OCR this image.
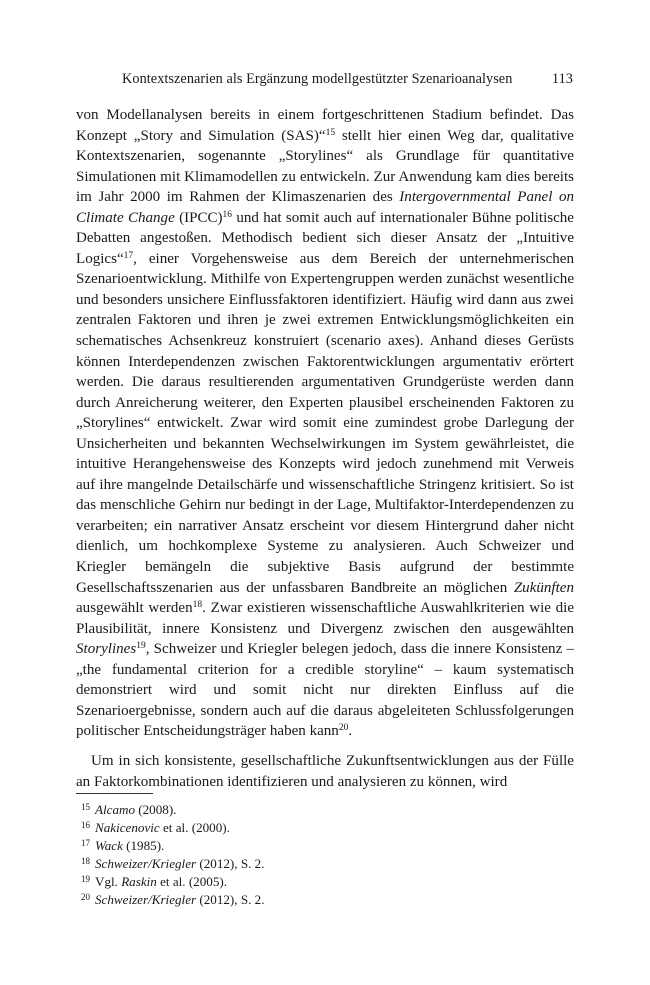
Kontextszenarien als Ergänzung modellgestützter Szenarioanalysen	113

von Modellanalysen bereits in einem fortgeschrittenen Stadium befindet. Das Konzept „Story and Simulation (SAS)“$^{15}$ stellt hier einen Weg dar, qualitative Kontextszenarien, sogenannte „Storylines“ als Grundlage für quantitative Simulationen mit Klimamodellen zu entwickeln. Zur Anwendung kam dies bereits im Jahr 2000 im Rahmen der Klimaszenarien des Intergovernmental Panel on Climate Change (IPCC)$^{16}$ und hat somit auch auf internationaler Bühne politische Debatten angestoßen. Methodisch bedient sich dieser Ansatz der „Intuitive Logics“$^{17}$, einer Vorgehensweise aus dem Bereich der unternehmerischen Szenarioentwicklung. Mithilfe von Expertengruppen werden zunächst wesentliche und besonders unsichere Einflussfaktoren identifiziert. Häufig wird dann aus zwei zentralen Faktoren und ihren je zwei extremen Entwicklungsmöglichkeiten ein schematisches Achsenkreuz konstruiert (scenario axes). Anhand dieses Gerüsts können Interdependenzen zwischen Faktorentwicklungen argumentativ erörtert werden. Die daraus resultierenden argumentativen Grundgerüste werden dann durch Anreicherung weiterer, den Experten plausibel erscheinenden Faktoren zu „Storylines“ entwickelt. Zwar wird somit eine zumindest grobe Darlegung der Unsicherheiten und bekannten Wechselwirkungen im System gewährleistet, die intuitive Herangehensweise des Konzepts wird jedoch zunehmend mit Verweis auf ihre mangelnde Detailschärfe und wissenschaftliche Stringenz kritisiert. So ist das menschliche Gehirn nur bedingt in der Lage, Multifaktor-Interdependenzen zu verarbeiten; ein narrativer Ansatz erscheint vor diesem Hintergrund daher nicht dienlich, um hochkomplexe Systeme zu analysieren. Auch Schweizer und Kriegler bemängeln die subjektive Basis aufgrund der bestimmte Gesellschaftsszenarien aus der unfassbaren Bandbreite an möglichen Zukünften ausgewählt werden$^{18}$. Zwar existieren wissenschaftliche Auswahlkriterien wie die Plausibilität, innere Konsistenz und Divergenz zwischen den ausgewählten Storylines$^{19}$, Schweizer und Kriegler belegen jedoch, dass die innere Konsistenz – „the fundamental criterion for a credible storyline“ – kaum systematisch demonstriert wird und somit nicht nur direkten Einfluss auf die Szenarioergebnisse, sondern auch auf die daraus abgeleiteten Schlussfolgerungen politischer Entscheidungsträger haben kann$^{20}$.

Um in sich konsistente, gesellschaftliche Zukunftsentwicklungen aus der Fülle an Faktorkombinationen identifizieren und analysieren zu können, wird

$^{15}$ Alcamo (2008).
$^{16}$ Nakicenovic et al. (2000).
$^{17}$ Wack (1985).
$^{18}$ Schweizer/Kriegler (2012), S. 2.
$^{19}$ Vgl. Raskin et al. (2005).
$^{20}$ Schweizer/Kriegler (2012), S. 2.
